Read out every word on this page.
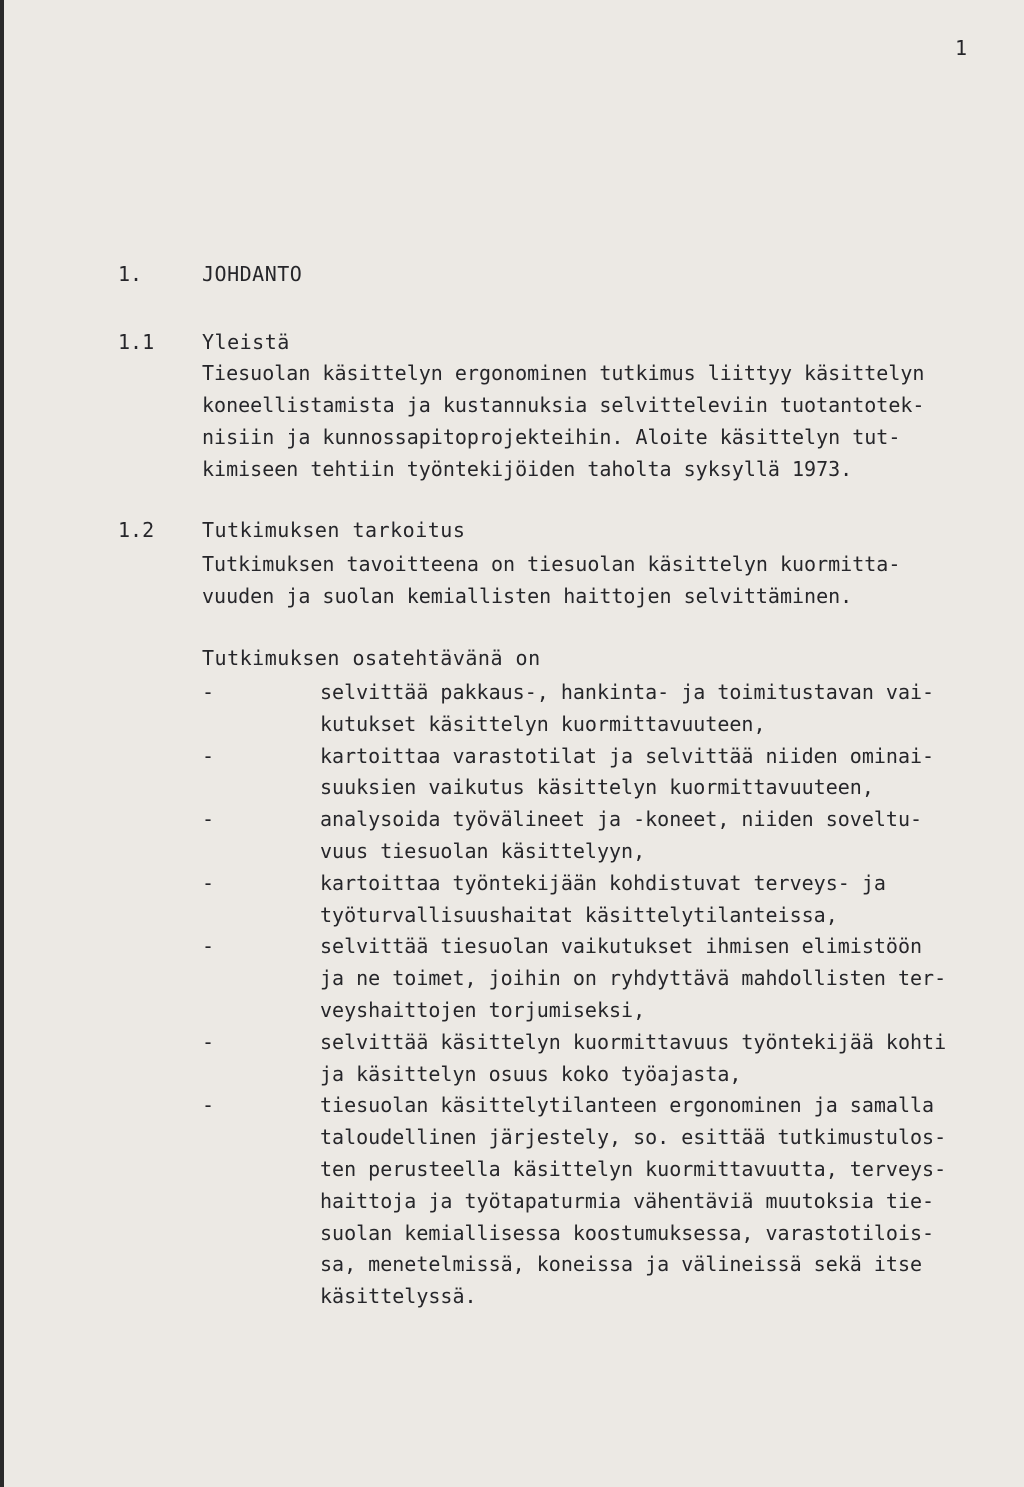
1
1.	JOHDANTO
1.1 Yleistä

Tiesuolan käsittelyn ergonominen tutkimus liittyy käsittelyn
koneellistamista ja kustannuksia selvitteleviin tuotantotek-
nisiin ja kunnossapitoprojekteihin. Aloite käsittelyn tut-
kimiseen tehtiin työntekijöiden taholta syksyllä 1973.

1.2 Tutkimuksen tarkoitus

Tutkimuksen tavoitteena on tiesuolan käsittelyn kuormitta-
vuuden ja suolan kemiallisten haittojen selvittäminen.

Tutkimuksen osatehtävänä on
-	selvittää pakkaus-, hankinta- ja toimitustavan vai-
kutukset käsittelyn kuormittavuuteen,
-	kartoittaa varastotilat ja selvittää niiden ominai-
suuksien vaikutus käsittelyn kuormittavuuteen,
-	analysoida työvälineet ja -koneet, niiden soveltu-
vuus tiesuolan käsittelyyn,
-	kartoittaa työntekijään kohdistuvat terveys- ja
työturvallisuushaitat käsittelytilanteissa,
-	selvittää tiesuolan vaikutukset ihmisen elimistöön
ja ne toimet, joihin on ryhdyttävä mahdollisten ter-
veyshaittojen torjumiseksi,
-	selvittää käsittelyn kuormittavuus työntekijää kohti
ja käsittelyn osuus koko työajasta,
-	tiesuolan käsittelytilanteen ergonominen ja samalla
taloudellinen järjestely, so. esittää tutkimustulos-
ten perusteella käsittelyn kuormittavuutta, terveys-
haittoja ja työtapaturmia vähentäviä muutoksia tie-
suolan kemiallisessa koostumuksessa, varastotilois-
sa, menetelmissä, koneissa ja välineissä sekä itse
käsittelyssä.
